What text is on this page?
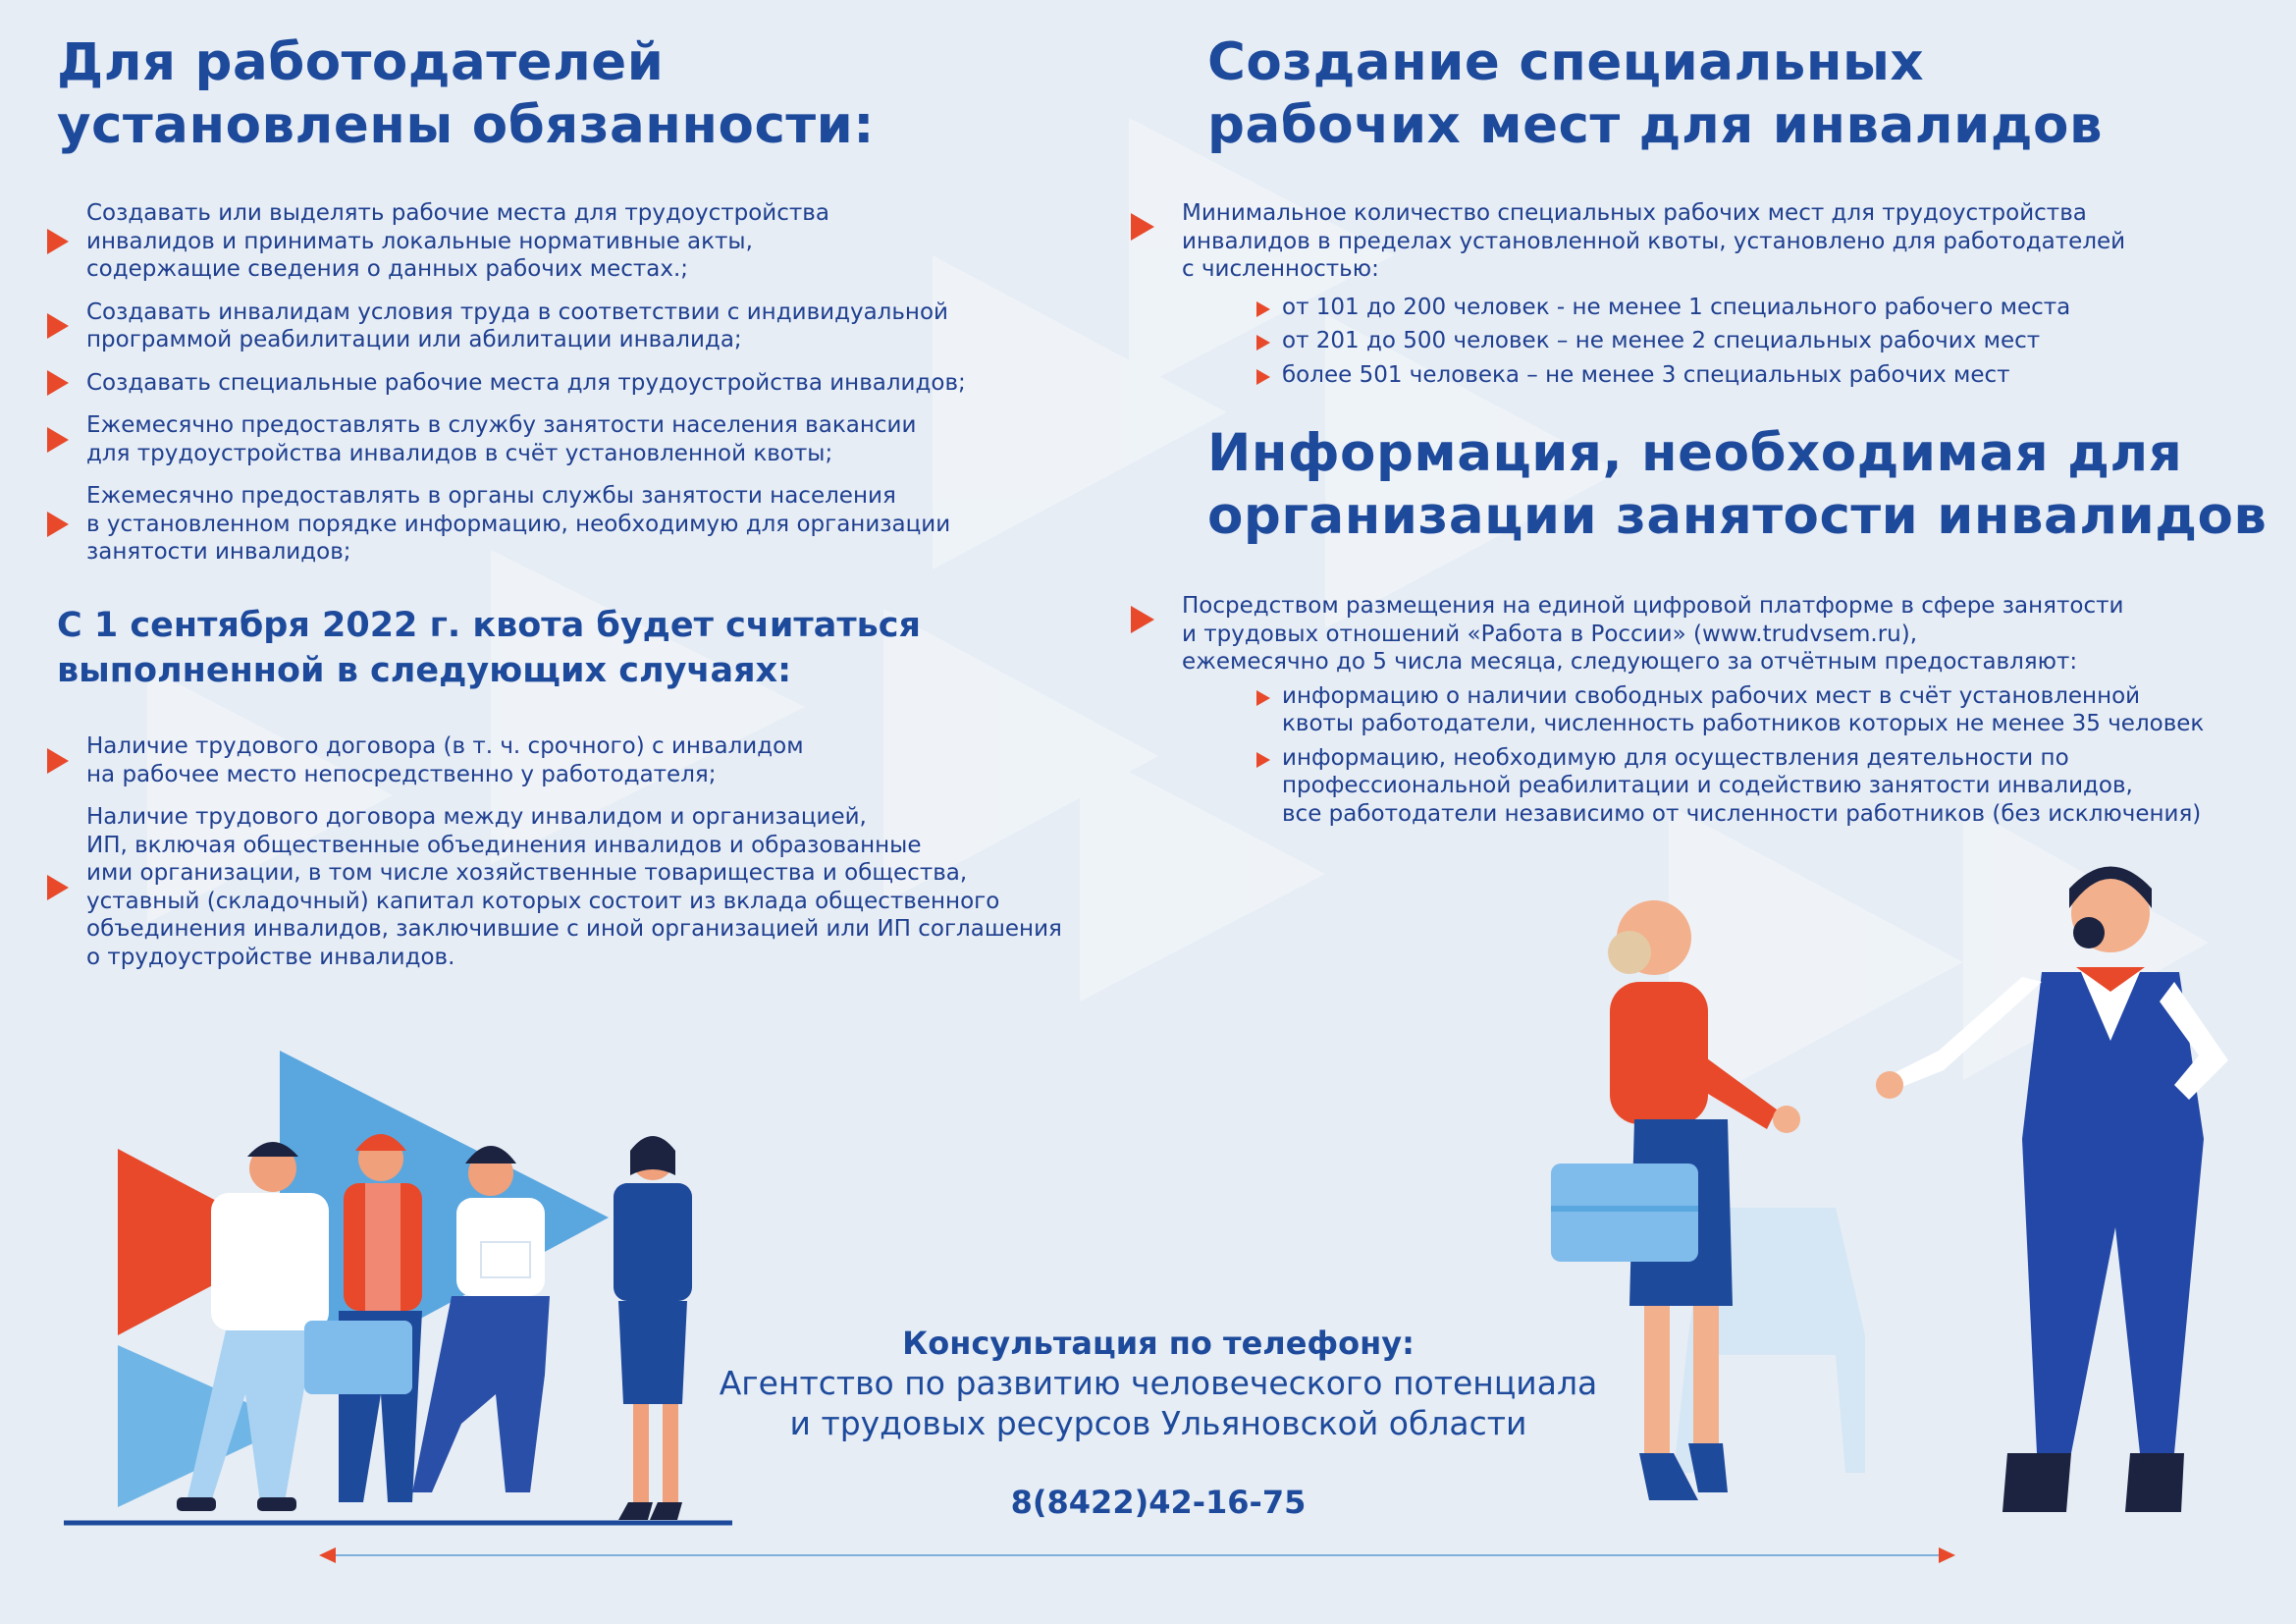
Для работодателей
установлены обязанности:
Создавать или выделять рабочие места для трудоустройства
инвалидов и принимать локальные нормативные акты,
содержащие сведения о данных рабочих местах.;
Создавать инвалидам условия труда в соответствии с индивидуальной
программой реабилитации или абилитации инвалида;
Создавать специальные рабочие места для трудоустройства инвалидов;
Ежемесячно предоставлять в службу занятости населения вакансии
для трудоустройства инвалидов в счёт установленной квоты;
Ежемесячно предоставлять в органы службы занятости населения
в установленном порядке информацию, необходимую для организации
занятости инвалидов;
С 1 сентября 2022 г. квота будет считаться
выполненной в следующих случаях:
Наличие трудового договора (в т. ч. срочного) с инвалидом
на рабочее место непосредственно у работодателя;
Наличие трудового договора между инвалидом и организацией,
ИП, включая общественные объединения инвалидов и образованные
ими организации, в том числе хозяйственные товарищества и общества,
уставный (складочный) капитал которых состоит из вклада общественного
объединения инвалидов, заключившие с иной организацией или ИП соглашения
о трудоустройстве инвалидов.
Создание специальных
рабочих мест для инвалидов
Минимальное количество специальных рабочих мест для трудоустройства
инвалидов в пределах установленной квоты, установлено для работодателей
с численностью:
от 101 до 200 человек - не менее 1 специального рабочего места
от 201 до 500 человек – не менее 2 специальных рабочих мест
более 501 человека – не менее 3 специальных рабочих мест
Информация, необходимая для
организации занятости инвалидов
Посредством размещения на единой цифровой платформе в сфере занятости
и трудовых отношений «Работа в России» (www.trudvsem.ru),
ежемесячно до 5 числа месяца, следующего за отчётным предоставляют:
информацию о наличии свободных рабочих мест в счёт установленной
квоты работодатели, численность работников которых не менее 35 человек
информацию, необходимую для осуществления деятельности по
профессиональной реабилитации и содействию занятости инвалидов,
все работодатели независимо от численности работников (без исключения)
Консультация по телефону:
Агентство по развитию человеческого потенциала
и трудовых ресурсов Ульяновской области
8(8422)42-16-75
